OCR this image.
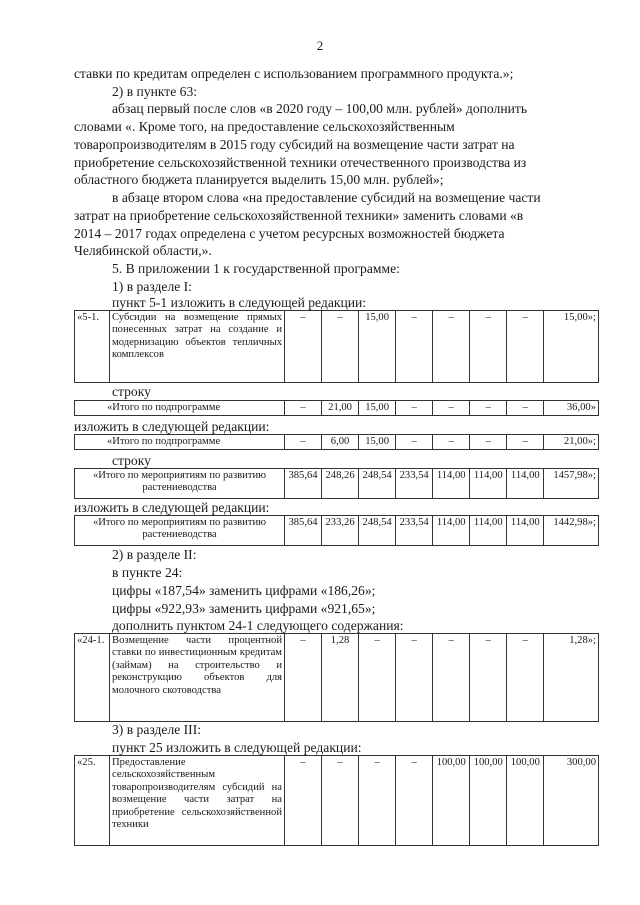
2
ставки по кредитам определен с использованием программного продукта.»;
2) в пункте 63:
абзац первый после слов «в 2020 году – 100,00 млн. рублей» дополнить
словами «. Кроме того, на предоставление сельскохозяйственным
товаропроизводителям в 2015 году субсидий на возмещение части затрат на
приобретение сельскохозяйственной техники отечественного производства из
областного бюджета планируется выделить 15,00 млн. рублей»;
в абзаце втором слова «на предоставление субсидий на возмещение части
затрат на приобретение сельскохозяйственной техники» заменить словами «в
2014 – 2017 годах определена с учетом ресурсных возможностей бюджета
Челябинской области,».
5. В приложении 1 к государственной программе:
1) в разделе I:
пункт 5-1 изложить в следующей редакции:
«5-1.	Субсидии на возмещение прямых понесенных затрат на создание и модернизацию объектов тепличных комплексов	–	–	15,00	–	–	–	–	15,00»;
строку
«Итого по подпрограмме	–	21,00	15,00	–	–	–	–	36,00»
изложить в следующей редакции:
«Итого по подпрограмме	–	6,00	15,00	–	–	–	–	21,00»;
строку
«Итого по мероприятиям по развитию растениеводства	385,64	248,26	248,54	233,54	114,00	114,00	114,00	1457,98»;
изложить в следующей редакции:
«Итого по мероприятиям по развитию растениеводства	385,64	233,26	248,54	233,54	114,00	114,00	114,00	1442,98»;
2) в разделе II:
в пункте 24:
цифры «187,54» заменить цифрами «186,26»;
цифры «922,93» заменить цифрами «921,65»;
дополнить пунктом 24-1 следующего содержания:
«24-1.	Возмещение части процентной ставки по инвестиционным кредитам (займам) на строительство и реконструкцию объектов для молочного скотоводства	–	1,28	–	–	–	–	–	1,28»;
3) в разделе III:
пункт 25 изложить в следующей редакции:
«25.	Предоставление сельскохозяйственным товаропроизводителям субсидий на возмещение части затрат на приобретение сельскохозяйственной техники	–	–	–	–	100,00	100,00	100,00	300,00
